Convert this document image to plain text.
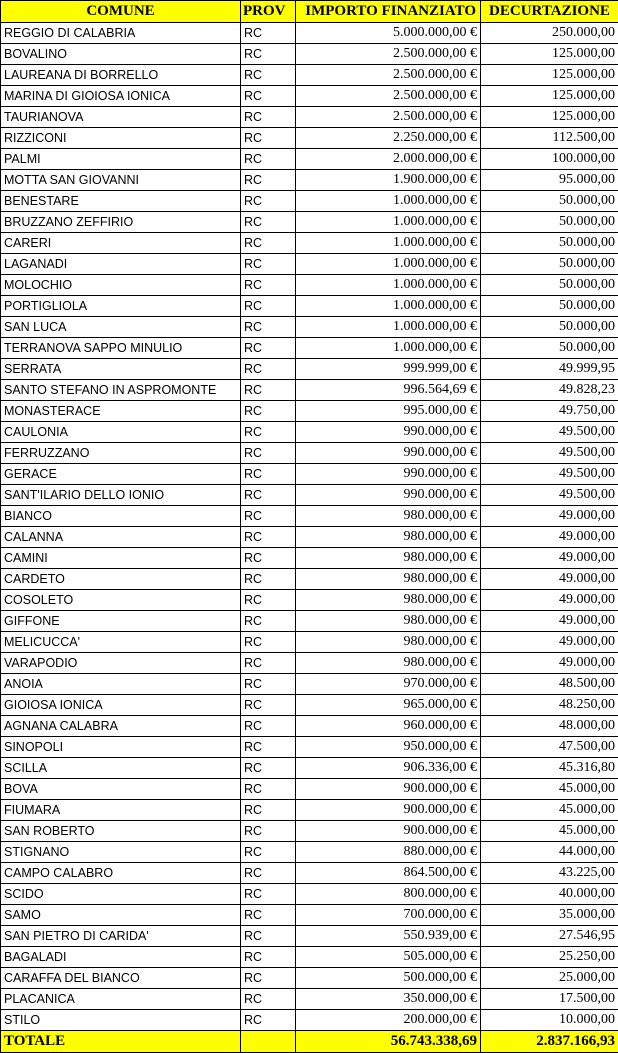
COMUNE	PROV	IMPORTO FINANZIATO	DECURTAZIONE
REGGIO DI CALABRIA	RC	5.000.000,00 €	250.000,00
BOVALINO	RC	2.500.000,00 €	125.000,00
LAUREANA DI BORRELLO	RC	2.500.000,00 €	125.000,00
MARINA DI GIOIOSA IONICA	RC	2.500.000,00 €	125.000,00
TAURIANOVA	RC	2.500.000,00 €	125.000,00
RIZZICONI	RC	2.250.000,00 €	112.500,00
PALMI	RC	2.000.000,00 €	100.000,00
MOTTA SAN GIOVANNI	RC	1.900.000,00 €	95.000,00
BENESTARE	RC	1.000.000,00 €	50.000,00
BRUZZANO ZEFFIRIO	RC	1.000.000,00 €	50.000,00
CARERI	RC	1.000.000,00 €	50.000,00
LAGANADI	RC	1.000.000,00 €	50.000,00
MOLOCHIO	RC	1.000.000,00 €	50.000,00
PORTIGLIOLA	RC	1.000.000,00 €	50.000,00
SAN LUCA	RC	1.000.000,00 €	50.000,00
TERRANOVA SAPPO MINULIO	RC	1.000.000,00 €	50.000,00
SERRATA	RC	999.999,00 €	49.999,95
SANTO STEFANO IN ASPROMONTE	RC	996.564,69 €	49.828,23
MONASTERACE	RC	995.000,00 €	49.750,00
CAULONIA	RC	990.000,00 €	49.500,00
FERRUZZANO	RC	990.000,00 €	49.500,00
GERACE	RC	990.000,00 €	49.500,00
SANT'ILARIO DELLO IONIO	RC	990.000,00 €	49.500,00
BIANCO	RC	980.000,00 €	49.000,00
CALANNA	RC	980.000,00 €	49.000,00
CAMINI	RC	980.000,00 €	49.000,00
CARDETO	RC	980.000,00 €	49.000,00
COSOLETO	RC	980.000,00 €	49.000,00
GIFFONE	RC	980.000,00 €	49.000,00
MELICUCCA'	RC	980.000,00 €	49.000,00
VARAPODIO	RC	980.000,00 €	49.000,00
ANOIA	RC	970.000,00 €	48.500,00
GIOIOSA IONICA	RC	965.000,00 €	48.250,00
AGNANA CALABRA	RC	960.000,00 €	48.000,00
SINOPOLI	RC	950.000,00 €	47.500,00
SCILLA	RC	906.336,00 €	45.316,80
BOVA	RC	900.000,00 €	45.000,00
FIUMARA	RC	900.000,00 €	45.000,00
SAN ROBERTO	RC	900.000,00 €	45.000,00
STIGNANO	RC	880.000,00 €	44.000,00
CAMPO CALABRO	RC	864.500,00 €	43.225,00
SCIDO	RC	800.000,00 €	40.000,00
SAMO	RC	700.000,00 €	35.000,00
SAN PIETRO DI CARIDA'	RC	550.939,00 €	27.546,95
BAGALADI	RC	505.000,00 €	25.250,00
CARAFFA DEL BIANCO	RC	500.000,00 €	25.000,00
PLACANICA	RC	350.000,00 €	17.500,00
STILO	RC	200.000,00 €	10.000,00
TOTALE		56.743.338,69	2.837.166,93
